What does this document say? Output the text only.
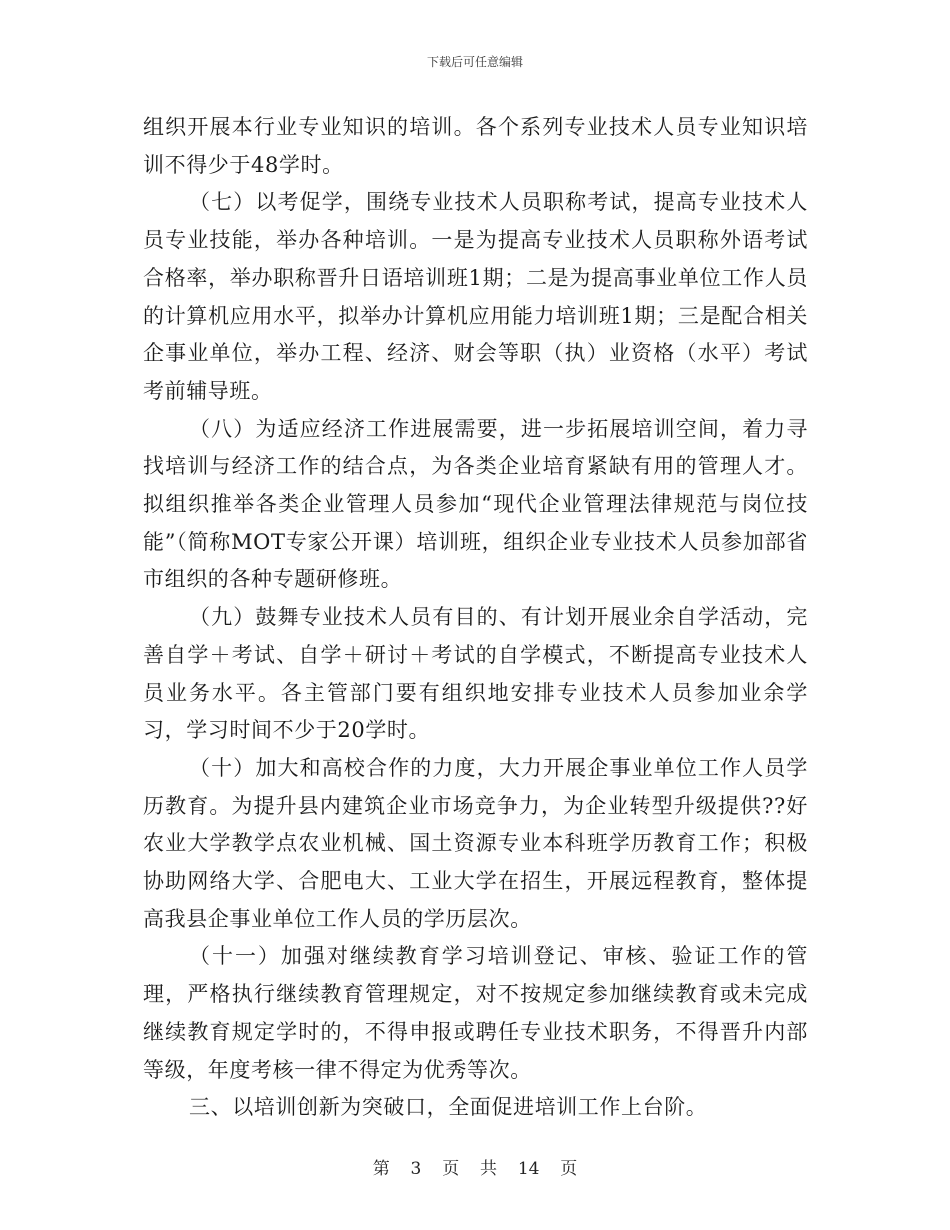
下载后可任意编辑

组织开展本行业专业知识的培训。各个系列专业技术人员专业知识培训不得少于48学时。

（七）以考促学，围绕专业技术人员职称考试，提高专业技术人员专业技能，举办各种培训。一是为提高专业技术人员职称外语考试合格率，举办职称晋升日语培训班1期；二是为提高事业单位工作人员的计算机应用水平，拟举办计算机应用能力培训班1期；三是配合相关企事业单位，举办工程、经济、财会等职（执）业资格（水平）考试考前辅导班。

（八）为适应经济工作进展需要，进一步拓展培训空间，着力寻找培训与经济工作的结合点，为各类企业培育紧缺有用的管理人才。拟组织推举各类企业管理人员参加“现代企业管理法律规范与岗位技能”（简称MOT专家公开课）培训班，组织企业专业技术人员参加部省市组织的各种专题研修班。

（九）鼓舞专业技术人员有目的、有计划开展业余自学活动，完善自学＋考试、自学＋研讨＋考试的自学模式，不断提高专业技术人员业务水平。各主管部门要有组织地安排专业技术人员参加业余学习，学习时间不少于20学时。

（十）加大和高校合作的力度，大力开展企事业单位工作人员学历教育。为提升县内建筑企业市场竞争力，为企业转型升级提供??好农业大学教学点农业机械、国土资源专业本科班学历教育工作；积极协助网络大学、合肥电大、工业大学在招生，开展远程教育，整体提高我县企事业单位工作人员的学历层次。

（十一）加强对继续教育学习培训登记、审核、验证工作的管理，严格执行继续教育管理规定，对不按规定参加继续教育或未完成继续教育规定学时的，不得申报或聘任专业技术职务，不得晋升内部等级，年度考核一律不得定为优秀等次。

三、以培训创新为突破口，全面促进培训工作上台阶。

第 3 页 共 14 页
